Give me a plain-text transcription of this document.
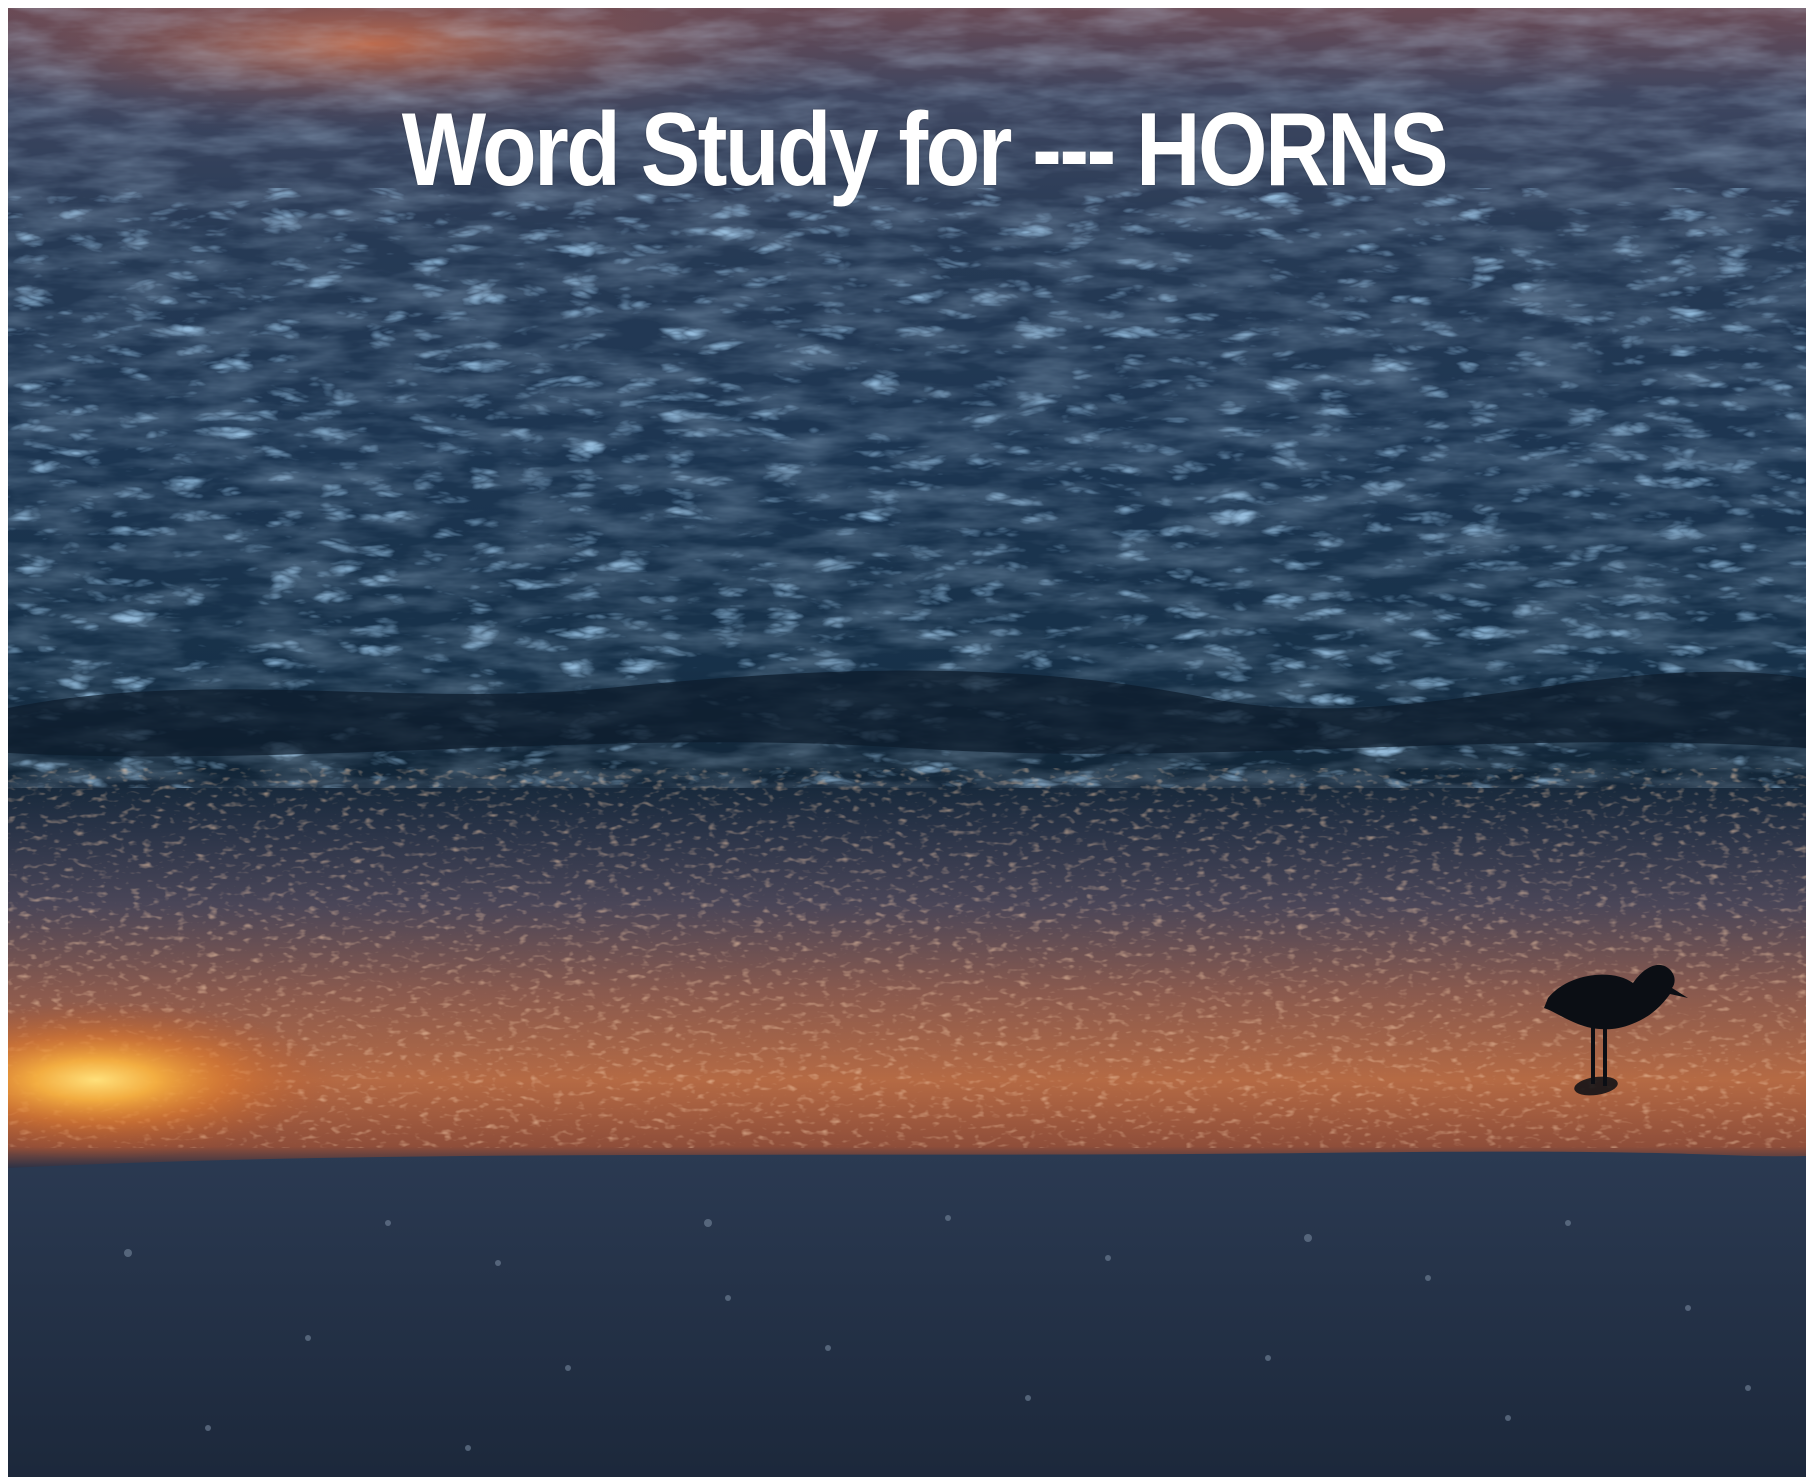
Word Study for --- HORNS
